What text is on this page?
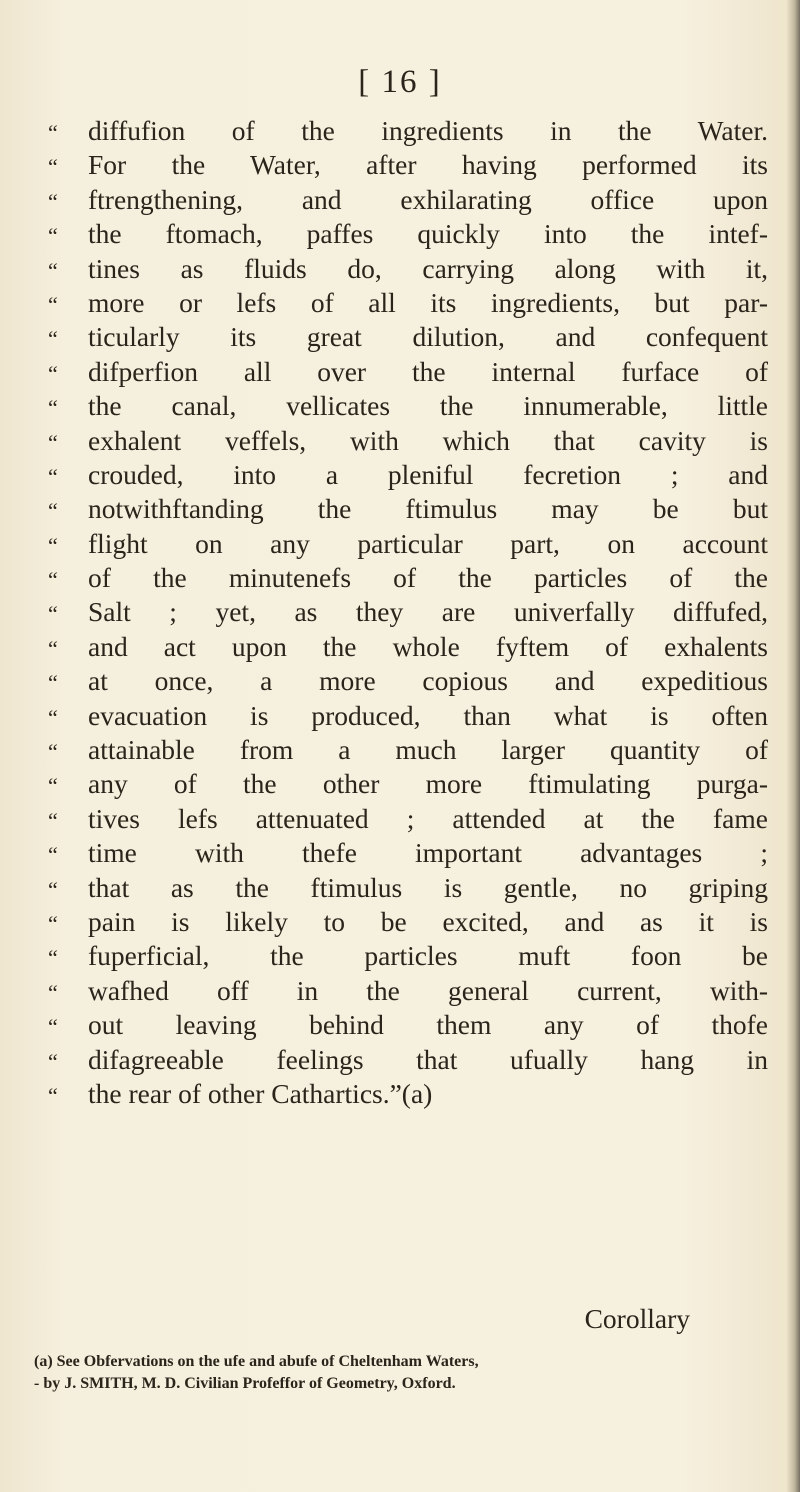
[ 16 ]
“	diffufion of the ingredients in the Water.
“	For the Water, after having performed its
“	ftrengthening, and exhilarating office upon
“	the ftomach, paffes quickly into the intef-
“	tines as fluids do, carrying along with it,
“	more or lefs of all its ingredients, but par-
“	ticularly its great dilution, and confequent
“	difperfion all over the internal furface of
“	the canal, vellicates the innumerable, little
“	exhalent veffels, with which that cavity is
“	crouded, into a pleniful fecretion ; and
“	notwithftanding the ftimulus may be but
“	flight on any particular part, on account
“	of the minutenefs of the particles of the
“	Salt ; yet, as they are univerfally diffufed,
“	and act upon the whole fyftem of exhalents
“	at once, a more copious and expeditious
“	evacuation is produced, than what is often
“	attainable from a much larger quantity of
“	any of the other more ftimulating purga-
“	tives lefs attenuated ; attended at the fame
“	time with thefe important advantages ;
“	that as the ftimulus is gentle, no griping
“	pain is likely to be excited, and as it is
“	fuperficial, the particles muft foon be
“	wafhed off in the general current, with-
“	out leaving behind them any of thofe
“	difagreeable feelings that ufually hang in
“	the rear of other Cathartics.”(a)
Corollary
(a) See Obfervations on the ufe and abufe of Cheltenham Waters,
- by J. SMITH, M. D. Civilian Profeffor of Geometry, Oxford.
